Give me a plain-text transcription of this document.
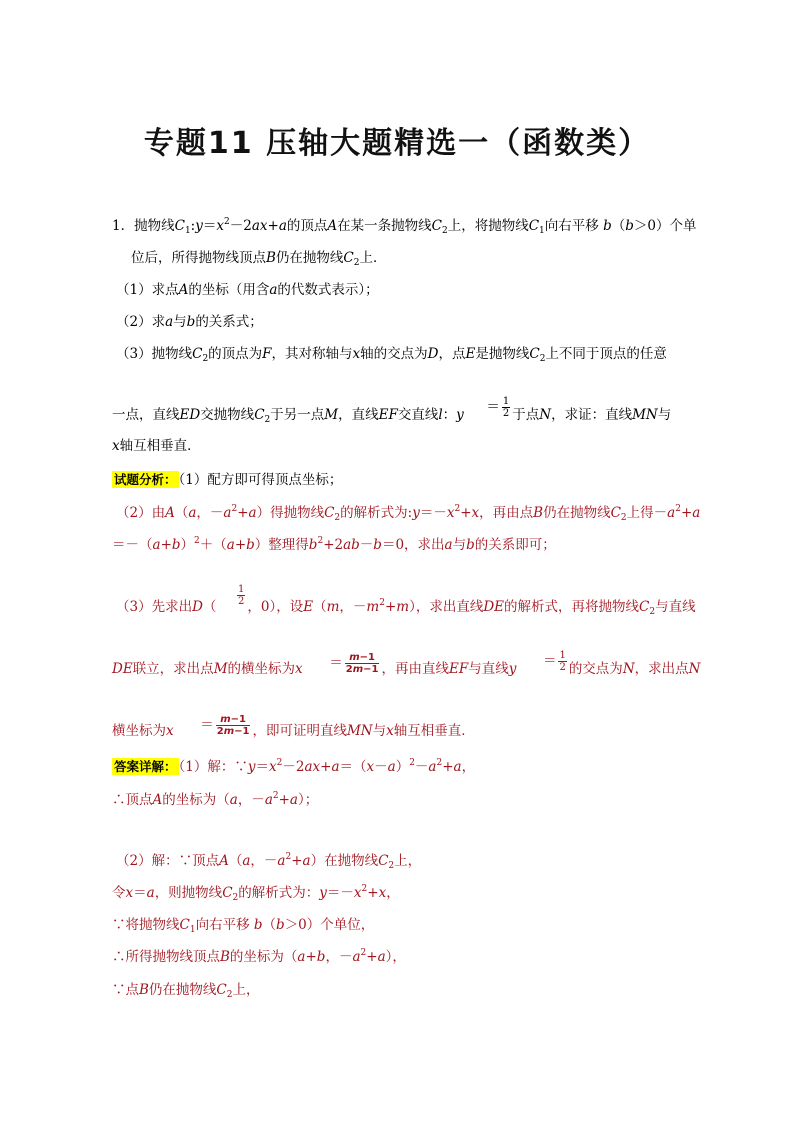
专题11 压轴大题精选一（函数类）
1．抛物线$C_1:y=x^2-2ax+a$的顶点A在某一条抛物线$C_2$上，将抛物线$C_1$向右平移 b（b＞0）个单
位后，所得抛物线顶点B仍在抛物线$C_2$上．
（1）求点A的坐标（用含a的代数式表示）；
（2）求a与b的关系式；
（3）抛物线$C_2$的顶点为F，其对称轴与x轴的交点为D，点E是抛物线$C_2$上不同于顶点的任意
一点，直线ED交抛物线$C_2$于另一点M，直线EF交直线l：$y = \frac{1}{2}$ 于点N，求证：直线MN与
x轴互相垂直．
试题分析： （1）配方即可得顶点坐标；
（2）由A（a，$-a^2+a$）得抛物线$C_2$的解析式为$:y=-x^2+x$，再由点B仍在抛物线$C_2$上得$-a^2+a$
$=-(a+b)^2+(a+b)$整理得$b^2+2ab-b=0$，求出a与b的关系即可；
（3）先求出$D( \frac{1}{2}$ ，0），设E（m，$-m^2+m$），求出直线DE的解析式，再将抛物线$C_2$与直线
DE联立，求出点M的横坐标为$x = \frac{m-1}{2m-1}$ ，再由直线EF与直线$y = \frac{1}{2}$ 的交点为N，求出点N
横坐标为$x = \frac{m-1}{2m-1}$ ，即可证明直线MN与x轴互相垂直．
答案详解： （1）解：$\because y=x^2-2ax+a=(x-a)^2-a^2+a$，
∴顶点A的坐标为（a，$-a^2+a$）；
（2）解：∵顶点A（a，$-a^2+a$）在抛物线$C_2$上，
令x＝a，则抛物线$C_2$的解析式为：$y=-x^2+x$，
∵将抛物线$C_1$向右平移 b（b＞0）个单位，
∴所得抛物线顶点B的坐标为（a+b，$-a^2+a$），
∵点B仍在抛物线$C_2$上，
